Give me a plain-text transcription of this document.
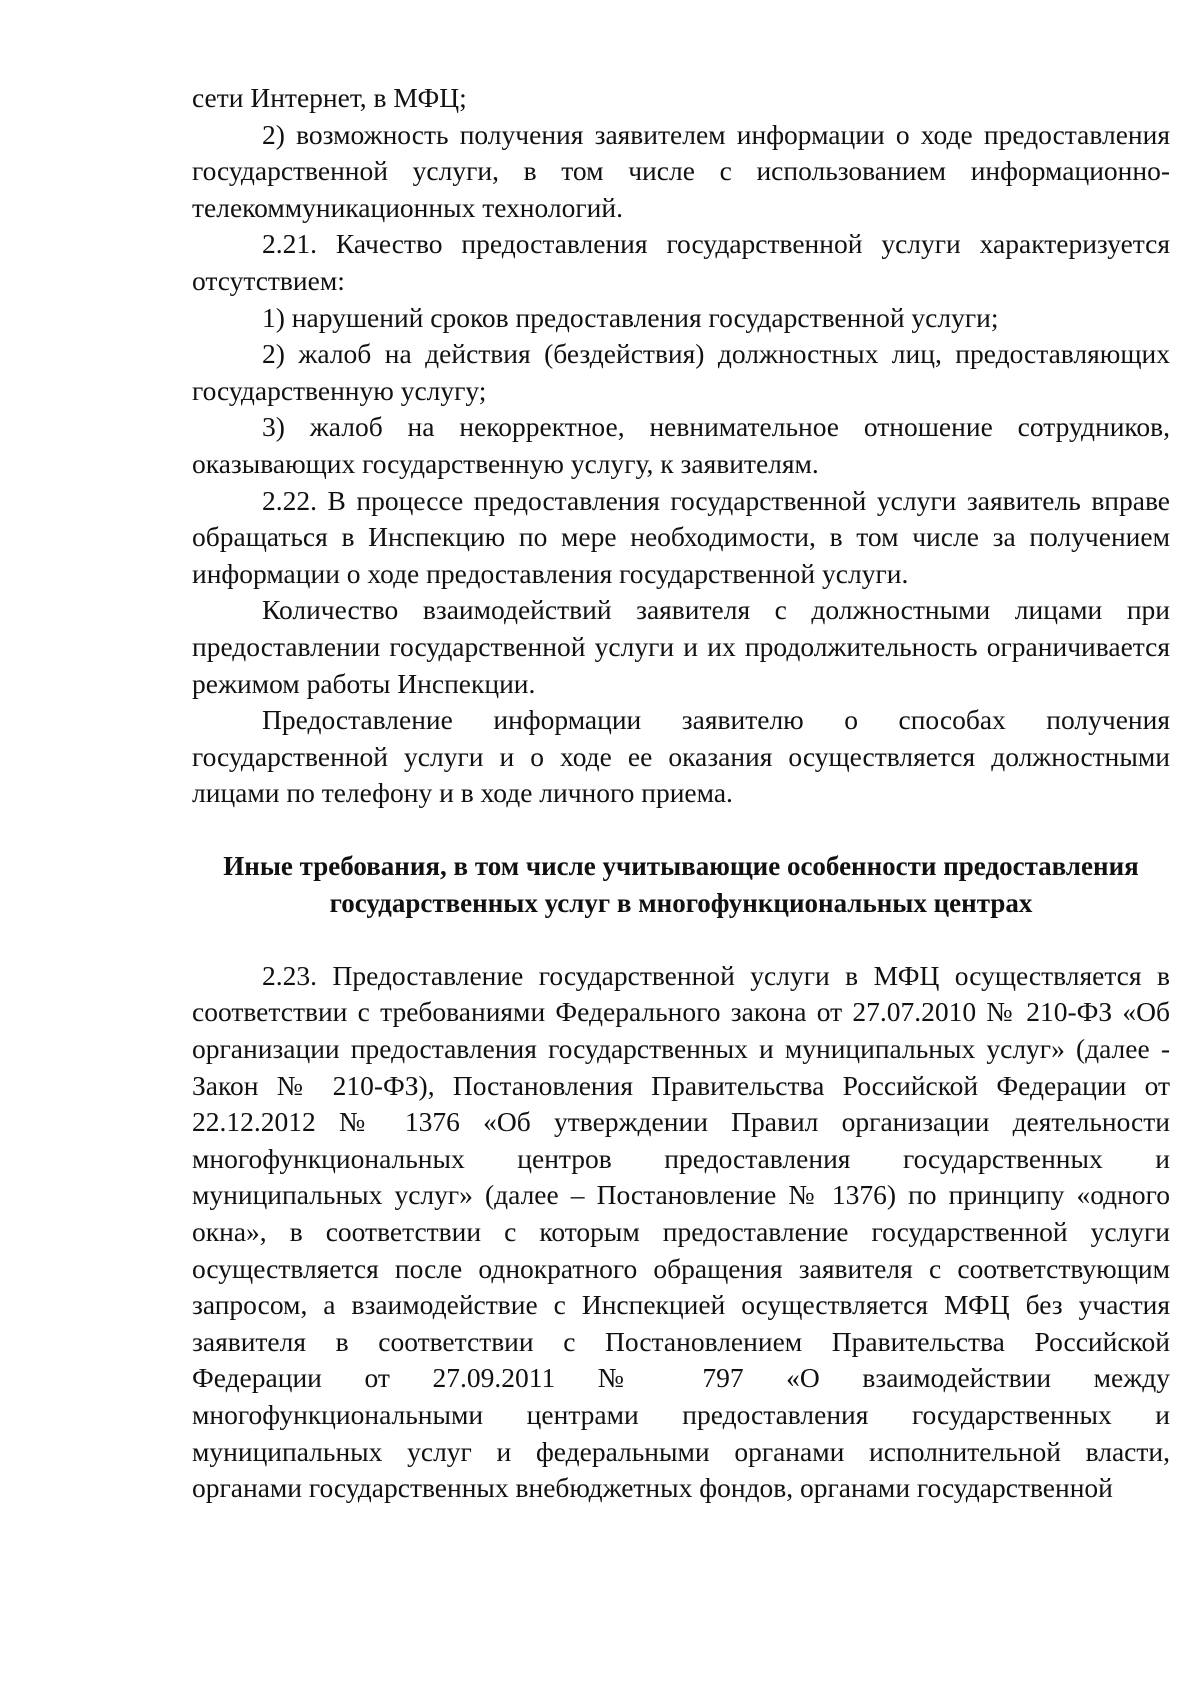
сети Интернет, в МФЦ;

2) возможность получения заявителем информации о ходе предоставления государственной услуги, в том числе с использованием информационно-телекоммуникационных технологий.

2.21. Качество предоставления государственной услуги характеризуется отсутствием:

1) нарушений сроков предоставления государственной услуги;

2) жалоб на действия (бездействия) должностных лиц, предоставляющих государственную услугу;

3) жалоб на некорректное, невнимательное отношение сотрудников, оказывающих государственную услугу, к заявителям.

2.22. В процессе предоставления государственной услуги заявитель вправе обращаться в Инспекцию по мере необходимости, в том числе за получением информации о ходе предоставления государственной услуги.

Количество взаимодействий заявителя с должностными лицами при предоставлении государственной услуги и их продолжительность ограничивается режимом работы Инспекции.

Предоставление информации заявителю о способах получения государственной услуги и о ходе ее оказания осуществляется должностными лицами по телефону и в ходе личного приема.

Иные требования, в том числе учитывающие особенности предоставления
государственных услуг в многофункциональных центрах

2.23. Предоставление государственной услуги в МФЦ осуществляется в соответствии с требованиями Федерального закона от 27.07.2010 № 210-ФЗ «Об организации предоставления государственных и муниципальных услуг» (далее - Закон № 210-ФЗ), Постановления Правительства Российской Федерации от 22.12.2012 № 1376 «Об утверждении Правил организации деятельности многофункциональных центров предоставления государственных и муниципальных услуг» (далее – Постановление № 1376) по принципу «одного окна», в соответствии с которым предоставление государственной услуги осуществляется после однократного обращения заявителя с соответствующим запросом, а взаимодействие с Инспекцией осуществляется МФЦ без участия заявителя в соответствии с Постановлением Правительства Российской Федерации от 27.09.2011 № 797 «О взаимодействии между многофункциональными центрами предоставления государственных и муниципальных услуг и федеральными органами исполнительной власти, органами государственных внебюджетных фондов, органами государственной
